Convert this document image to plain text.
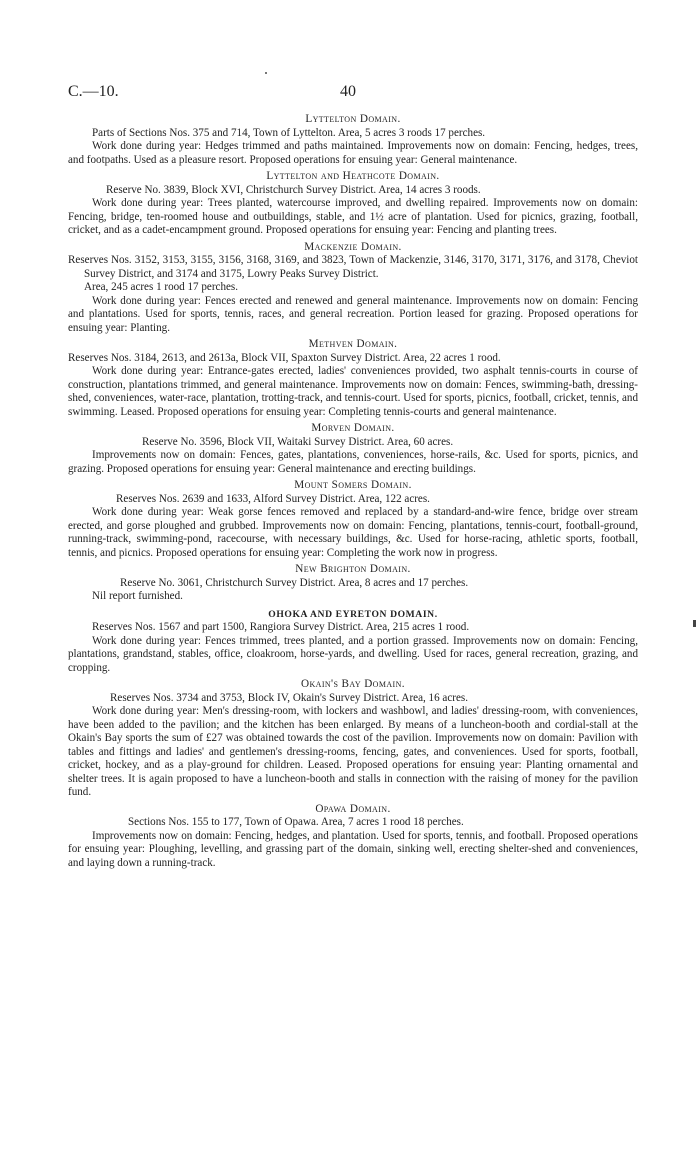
C.—10.	40
Lyttelton Domain.

Parts of Sections Nos. 375 and 714, Town of Lyttelton. Area, 5 acres 3 roods 17 perches.

Work done during year: Hedges trimmed and paths maintained. Improvements now on domain: Fencing, hedges, trees, and footpaths. Used as a pleasure resort. Proposed operations for ensuing year: General maintenance.

Lyttelton and Heathcote Domain.

Reserve No. 3839, Block XVI, Christchurch Survey District. Area, 14 acres 3 roods.

Work done during year: Trees planted, watercourse improved, and dwelling repaired. Improvements now on domain: Fencing, bridge, ten-roomed house and outbuildings, stable, and 1½ acre of plantation. Used for picnics, grazing, football, cricket, and as a cadet-encampment ground. Proposed operations for ensuing year: Fencing and planting trees.

Mackenzie Domain.

Reserves Nos. 3152, 3153, 3155, 3156, 3168, 3169, and 3823, Town of Mackenzie, 3146, 3170, 3171, 3176, and 3178, Cheviot Survey District, and 3174 and 3175, Lowry Peaks Survey District.

Area, 245 acres 1 rood 17 perches.

Work done during year: Fences erected and renewed and general maintenance. Improvements now on domain: Fencing and plantations. Used for sports, tennis, races, and general recreation. Portion leased for grazing. Proposed operations for ensuing year: Planting.

Methven Domain.

Reserves Nos. 3184, 2613, and 2613a, Block VII, Spaxton Survey District. Area, 22 acres 1 rood.

Work done during year: Entrance-gates erected, ladies' conveniences provided, two asphalt tennis-courts in course of construction, plantations trimmed, and general maintenance. Improvements now on domain: Fences, swimming-bath, dressing-shed, conveniences, water-race, plantation, trotting-track, and tennis-court. Used for sports, picnics, football, cricket, tennis, and swimming. Leased. Proposed operations for ensuing year: Completing tennis-courts and general maintenance.

Morven Domain.

Reserve No. 3596, Block VII, Waitaki Survey District. Area, 60 acres.

Improvements now on domain: Fences, gates, plantations, conveniences, horse-rails, &c. Used for sports, picnics, and grazing. Proposed operations for ensuing year: General maintenance and erecting buildings.

Mount Somers Domain.

Reserves Nos. 2639 and 1633, Alford Survey District. Area, 122 acres.

Work done during year: Weak gorse fences removed and replaced by a standard-and-wire fence, bridge over stream erected, and gorse ploughed and grubbed. Improvements now on domain: Fencing, plantations, tennis-court, football-ground, running-track, swimming-pond, racecourse, with necessary buildings, &c. Used for horse-racing, athletic sports, football, tennis, and picnics. Proposed operations for ensuing year: Completing the work now in progress.

New Brighton Domain.

Reserve No. 3061, Christchurch Survey District. Area, 8 acres and 17 perches.

Nil report furnished.

OHOKA AND EYRETON DOMAIN.

Reserves Nos. 1567 and part 1500, Rangiora Survey District. Area, 215 acres 1 rood.

Work done during year: Fences trimmed, trees planted, and a portion grassed. Improvements now on domain: Fencing, plantations, grandstand, stables, office, cloakroom, horse-yards, and dwelling. Used for races, general recreation, grazing, and cropping.

Okain's Bay Domain.

Reserves Nos. 3734 and 3753, Block IV, Okain's Survey District. Area, 16 acres.

Work done during year: Men's dressing-room, with lockers and washbowl, and ladies' dressing-room, with conveniences, have been added to the pavilion; and the kitchen has been enlarged. By means of a luncheon-booth and cordial-stall at the Okain's Bay sports the sum of £27 was obtained towards the cost of the pavilion. Improvements now on domain: Pavilion with tables and fittings and ladies' and gentlemen's dressing-rooms, fencing, gates, and conveniences. Used for sports, football, cricket, hockey, and as a play-ground for children. Leased. Proposed operations for ensuing year: Planting ornamental and shelter trees. It is again proposed to have a luncheon-booth and stalls in connection with the raising of money for the pavilion fund.

Opawa Domain.

Sections Nos. 155 to 177, Town of Opawa. Area, 7 acres 1 rood 18 perches.

Improvements now on domain: Fencing, hedges, and plantation. Used for sports, tennis, and football. Proposed operations for ensuing year: Ploughing, levelling, and grassing part of the domain, sinking well, erecting shelter-shed and conveniences, and laying down a running-track.
